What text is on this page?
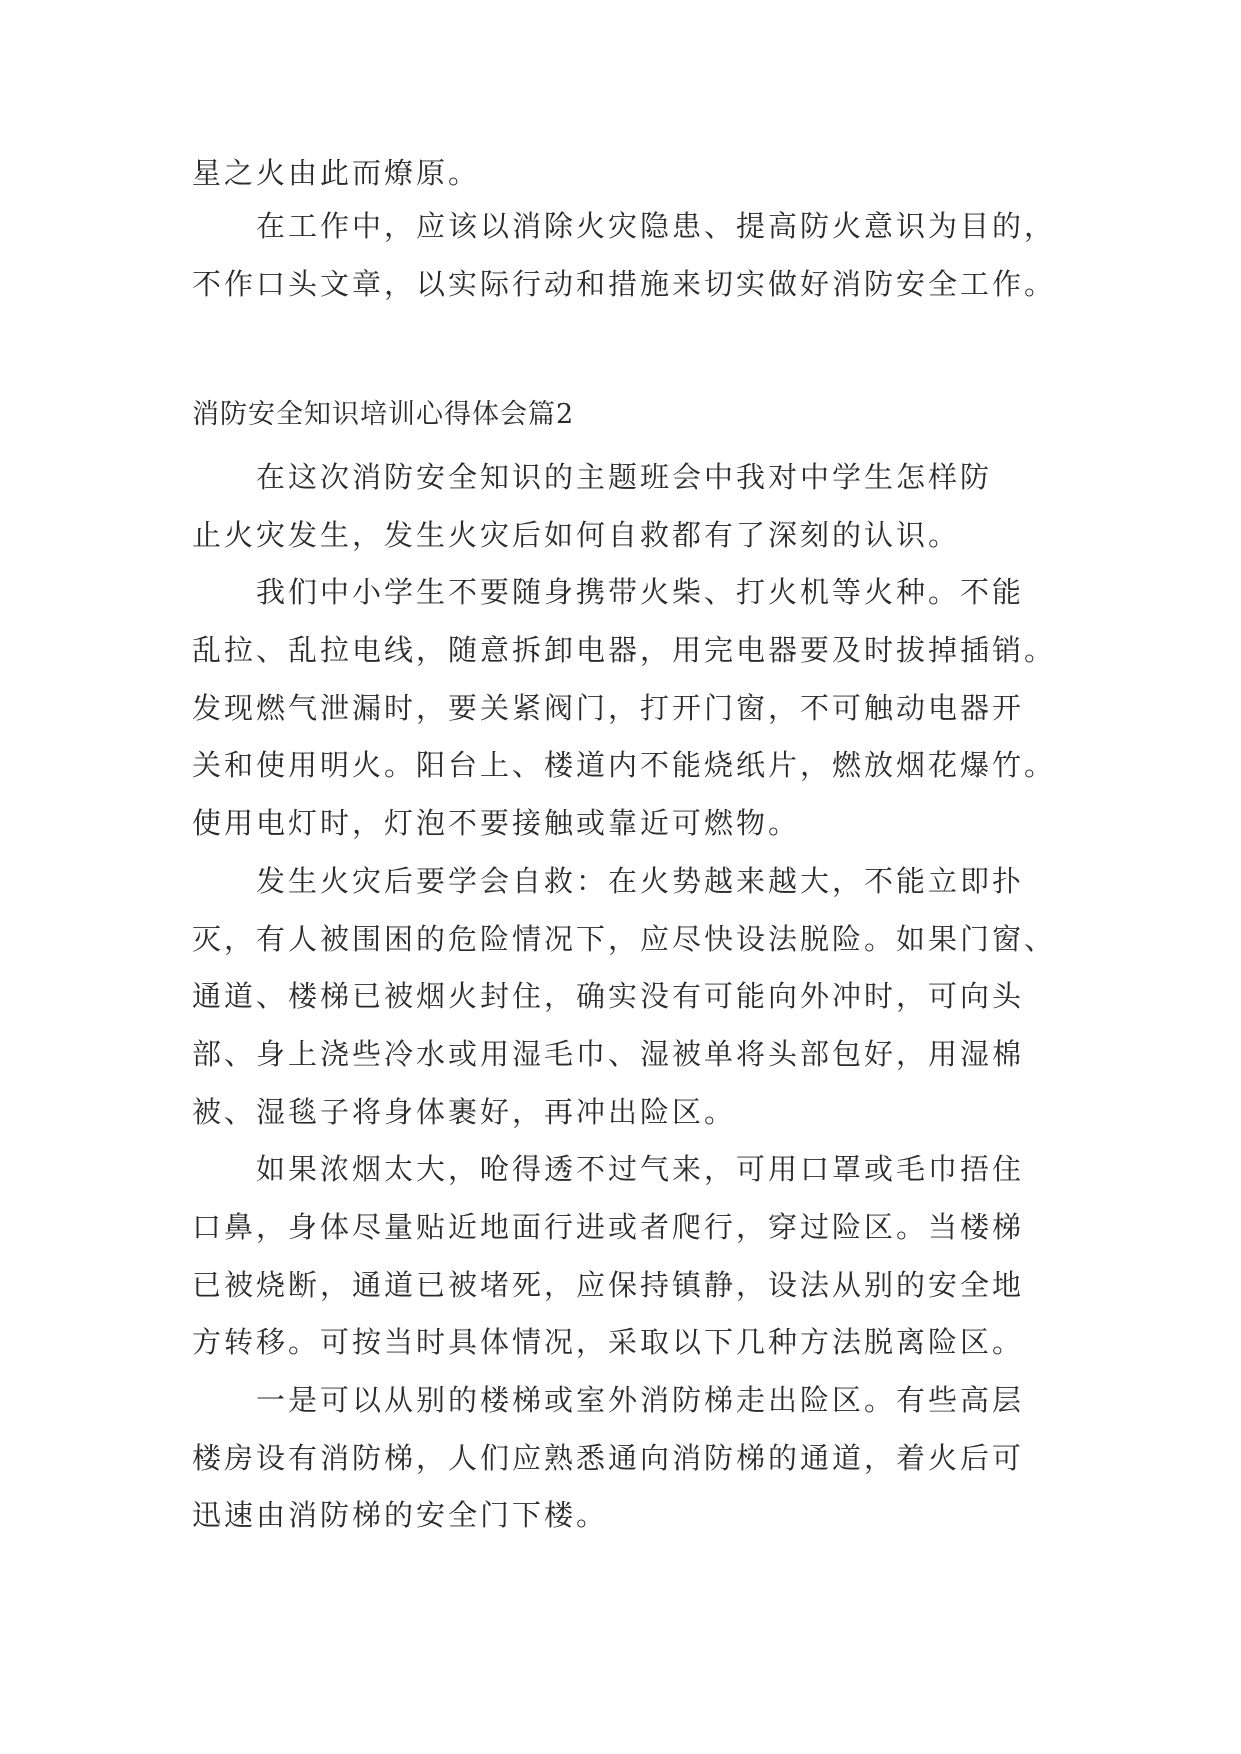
星之火由此而燎原。
在工作中，应该以消除火灾隐患、提高防火意识为目的，
不作口头文章，以实际行动和措施来切实做好消防安全工作。
消防安全知识培训心得体会篇2
在这次消防安全知识的主题班会中我对中学生怎样防
止火灾发生，发生火灾后如何自救都有了深刻的认识。
我们中小学生不要随身携带火柴、打火机等火种。不能
乱拉、乱拉电线，随意拆卸电器，用完电器要及时拔掉插销。
发现燃气泄漏时，要关紧阀门，打开门窗，不可触动电器开
关和使用明火。阳台上、楼道内不能烧纸片，燃放烟花爆竹。
使用电灯时，灯泡不要接触或靠近可燃物。
发生火灾后要学会自救：在火势越来越大，不能立即扑
灭，有人被围困的危险情况下，应尽快设法脱险。如果门窗、
通道、楼梯已被烟火封住，确实没有可能向外冲时，可向头
部、身上浇些冷水或用湿毛巾、湿被单将头部包好，用湿棉
被、湿毯子将身体裹好，再冲出险区。
如果浓烟太大，呛得透不过气来，可用口罩或毛巾捂住
口鼻，身体尽量贴近地面行进或者爬行，穿过险区。当楼梯
已被烧断，通道已被堵死，应保持镇静，设法从别的安全地
方转移。可按当时具体情况，采取以下几种方法脱离险区。
一是可以从别的楼梯或室外消防梯走出险区。有些高层
楼房设有消防梯，人们应熟悉通向消防梯的通道，着火后可
迅速由消防梯的安全门下楼。
